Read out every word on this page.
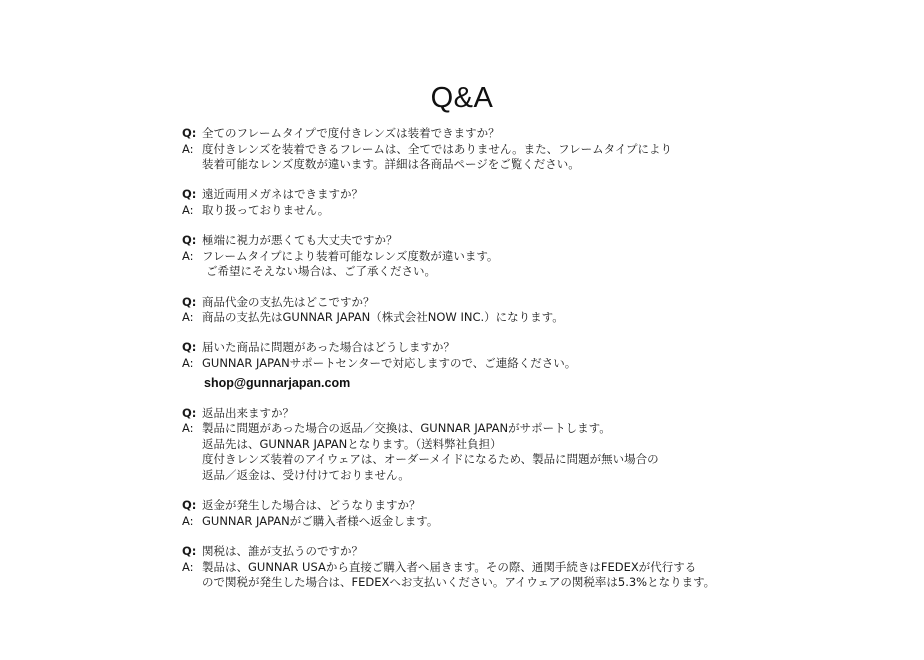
Q&A
Q: 全てのフレームタイプで度付きレンズは装着できますか？
A: 度付きレンズを装着できるフレームは、全てではありません。また、フレームタイプにより
装着可能なレンズ度数が違います。詳細は各商品ページをご覧ください。
Q: 遠近両用メガネはできますか？
A: 取り扱っておりません。
Q: 極端に視力が悪くても大丈夫ですか？
A: フレームタイプにより装着可能なレンズ度数が違います。
ご希望にそえない場合は、ご了承ください。
Q: 商品代金の支払先はどこですか？
A: 商品の支払先はGUNNAR JAPAN（株式会社NOW INC.）になります。
Q: 届いた商品に問題があった場合はどうしますか？
A: GUNNAR JAPANサポートセンターで対応しますので、ご連絡ください。
shop@gunnarjapan.com
Q: 返品出来ますか？
A: 製品に問題があった場合の返品／交換は、GUNNAR JAPANがサポートします。
返品先は、GUNNAR JAPANとなります。（送料弊社負担）
度付きレンズ装着のアイウェアは、オーダーメイドになるため、製品に問題が無い場合の
返品／返金は、受け付けておりません。
Q: 返金が発生した場合は、どうなりますか？
A: GUNNAR JAPANがご購入者様へ返金します。
Q: 関税は、誰が支払うのですか？
A: 製品は、GUNNAR USAから直接ご購入者へ届きます。その際、通関手続きはFEDEXが代行する
ので関税が発生した場合は、FEDEXへお支払いください。アイウェアの関税率は5.3%となります。
